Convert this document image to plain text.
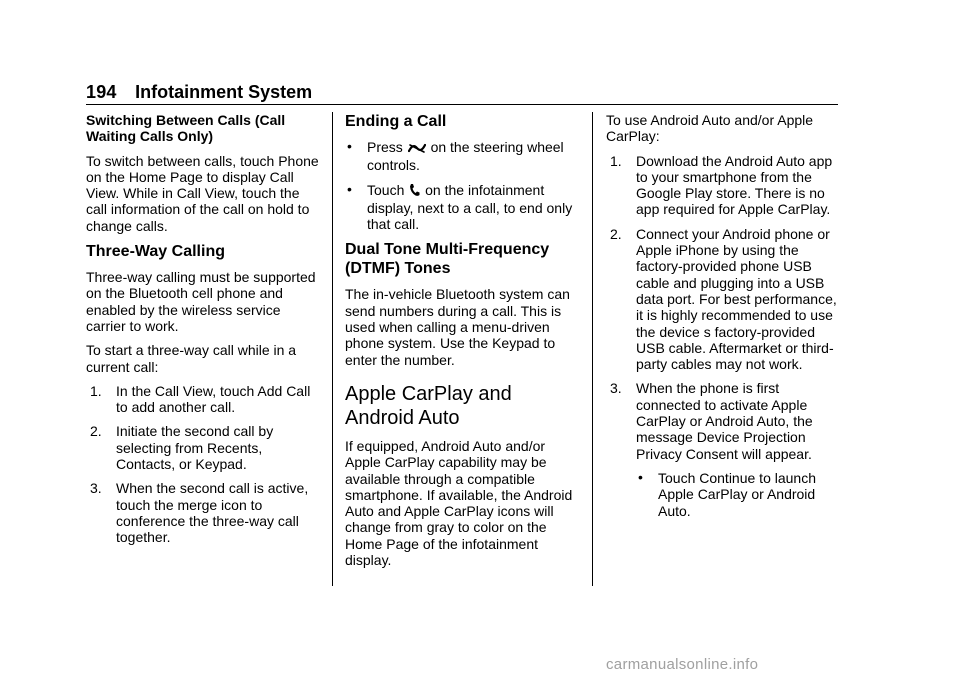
194 Infotainment System
Switching Between Calls (Call Waiting Calls Only)

To switch between calls, touch Phone on the Home Page to display Call View. While in Call View, touch the call information of the call on hold to change calls.

Three-Way Calling

Three-way calling must be supported on the Bluetooth cell phone and enabled by the wireless service carrier to work.

To start a three-way call while in a current call:

1. In the Call View, touch Add Call to add another call.
2. Initiate the second call by selecting from Recents, Contacts, or Keypad.
3. When the second call is active, touch the merge icon to conference the three-way call together.
Ending a Call
• Press on the steering wheel controls.
• Touch on the infotainment display, next to a call, to end only that call.
Dual Tone Multi-Frequency (DTMF) Tones

The in-vehicle Bluetooth system can send numbers during a call. This is used when calling a menu-driven phone system. Use the Keypad to enter the number.

Apple CarPlay and Android Auto

If equipped, Android Auto and/or Apple CarPlay capability may be available through a compatible smartphone. If available, the Android Auto and Apple CarPlay icons will change from gray to color on the Home Page of the infotainment display.

To use Android Auto and/or Apple CarPlay:

1. Download the Android Auto app to your smartphone from the Google Play store. There is no app required for Apple CarPlay.
2. Connect your Android phone or Apple iPhone by using the factory-provided phone USB cable and plugging into a USB data port. For best performance, it is highly recommended to use the device s factory-provided USB cable. Aftermarket or third-party cables may not work.
3. When the phone is first connected to activate Apple CarPlay or Android Auto, the message Device Projection Privacy Consent will appear.
• Touch Continue to launch Apple CarPlay or Android Auto.
carmanualsonline.info
